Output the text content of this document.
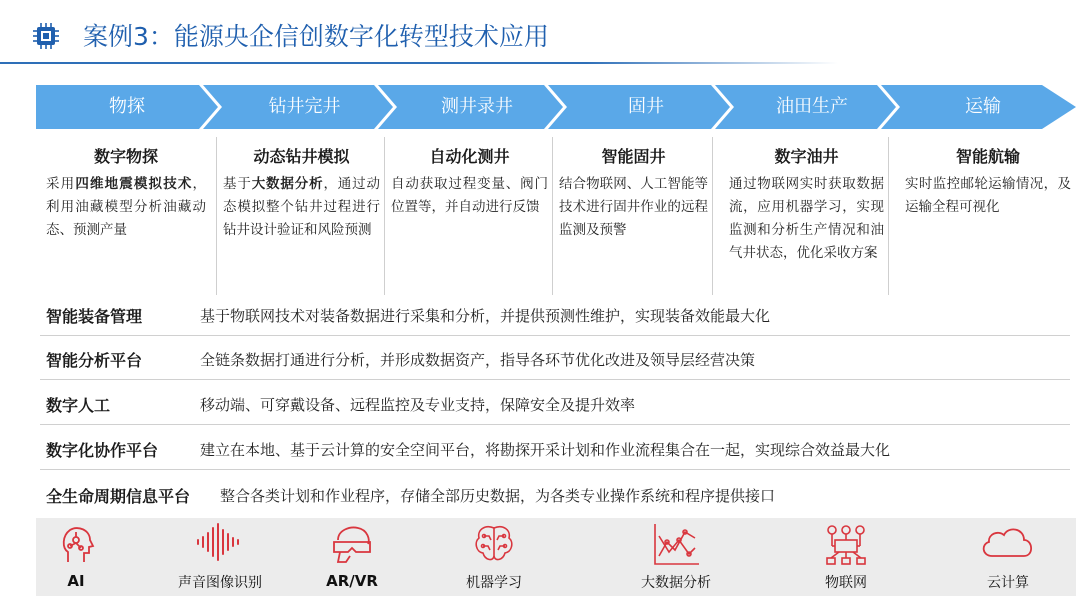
案例3：能源央企信创数字化转型技术应用
物探	钻井完井	测井录井	固井	油田生产	运输
数字物探
采用四维地震模拟技术，利用油藏模型分析油藏动态、预测产量
动态钻井模拟
基于大数据分析，通过动态模拟整个钻井过程进行钻井设计验证和风险预测
自动化测井
自动获取过程变量、阀门位置等，并自动进行反馈
智能固井
结合物联网、人工智能等技术进行固井作业的远程监测及预警
数字油井
通过物联网实时获取数据流，应用机器学习，实现监测和分析生产情况和油气井状态，优化采收方案
智能航输
实时监控邮轮运输情况，及运输全程可视化
智能装备管理	基于物联网技术对装备数据进行采集和分析，并提供预测性维护，实现装备效能最大化
智能分析平台	全链条数据打通进行分析，并形成数据资产，指导各环节优化改进及领导层经营决策
数字人工	移动端、可穿戴设备、远程监控及专业支持，保障安全及提升效率
数字化协作平台	建立在本地、基于云计算的安全空间平台，将勘探开采计划和作业流程集合在一起，实现综合效益最大化
全生命周期信息平台 整合各类计划和作业程序，存储全部历史数据，为各类专业操作系统和程序提供接口
AI	声音图像识别	AR/VR	机器学习	大数据分析	物联网	云计算
